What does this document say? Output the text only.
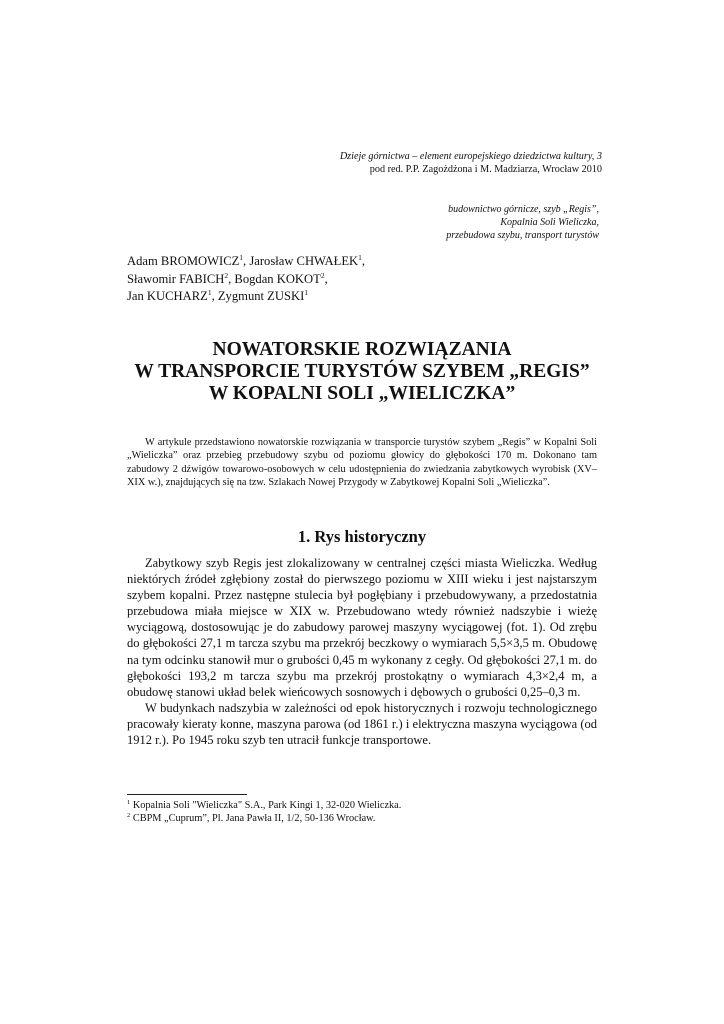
Dzieje górnictwa – element europejskiego dziedzictwa kultury, 3
pod red. P.P. Zagożdżona i M. Madziarza, Wrocław 2010
budownictwo górnicze, szyb „Regis”,
Kopalnia Soli Wieliczka,
przebudowa szybu, transport turystów
Adam BROMOWICZ$^1$, Jarosław CHWAŁEK$^1$,
Sławomir FABICH$^2$, Bogdan KOKOT$^2$,
Jan KUCHARZ$^1$, Zygmunt ZUSKI$^1$
NOWATORSKIE ROZWIĄZANIA
W TRANSPORCIE TURYSTÓW SZYBEM „REGIS”
W KOPALNI SOLI „WIELICZKA”
W artykule przedstawiono nowatorskie rozwiązania w transporcie turystów szybem „Regis” w Kopalni Soli „Wieliczka” oraz przebieg przebudowy szybu od poziomu głowicy do głębokości 170 m. Dokonano tam zabudowy 2 dźwigów towarowo-osobowych w celu udostępnienia do zwiedzania zabytkowych wyrobisk (XV–XIX w.), znajdujących się na tzw. Szlakach Nowej Przygody w Zabytkowej Kopalni Soli „Wieliczka”.
1. Rys historyczny

Zabytkowy szyb Regis jest zlokalizowany w centralnej części miasta Wieliczka. Według niektórych źródeł zgłębiony został do pierwszego poziomu w XIII wieku i jest najstarszym szybem kopalni. Przez następne stulecia był pogłębiany i przebudowywany, a przedostatnia przebudowa miała miejsce w XIX w. Przebudowano wtedy również nadszybie i wieżę wyciągową, dostosowując je do zabudowy parowej maszyny wyciągowej (fot. 1). Od zrębu do głębokości 27,1 m tarcza szybu ma przekrój beczkowy o wymiarach 5,5×3,5 m. Obudowę na tym odcinku stanowił mur o grubości 0,45 m wykonany z cegły. Od głębokości 27,1 m. do głębokości 193,2 m tarcza szybu ma przekrój prostokątny o wymiarach 4,3×2,4 m, a obudowę stanowi układ belek wieńcowych sosnowych i dębowych o grubości 0,25–0,3 m.

W budynkach nadszybia w zależności od epok historycznych i rozwoju technologicznego pracowały kieraty konne, maszyna parowa (od 1861 r.) i elektryczna maszyna wyciągowa (od 1912 r.). Po 1945 roku szyb ten utracił funkcje transportowe.

$^1$ Kopalnia Soli "Wieliczka" S.A., Park Kingi 1, 32-020 Wieliczka.
$^2$ CBPM „Cuprum”, Pl. Jana Pawła II, 1/2, 50-136 Wrocław.
